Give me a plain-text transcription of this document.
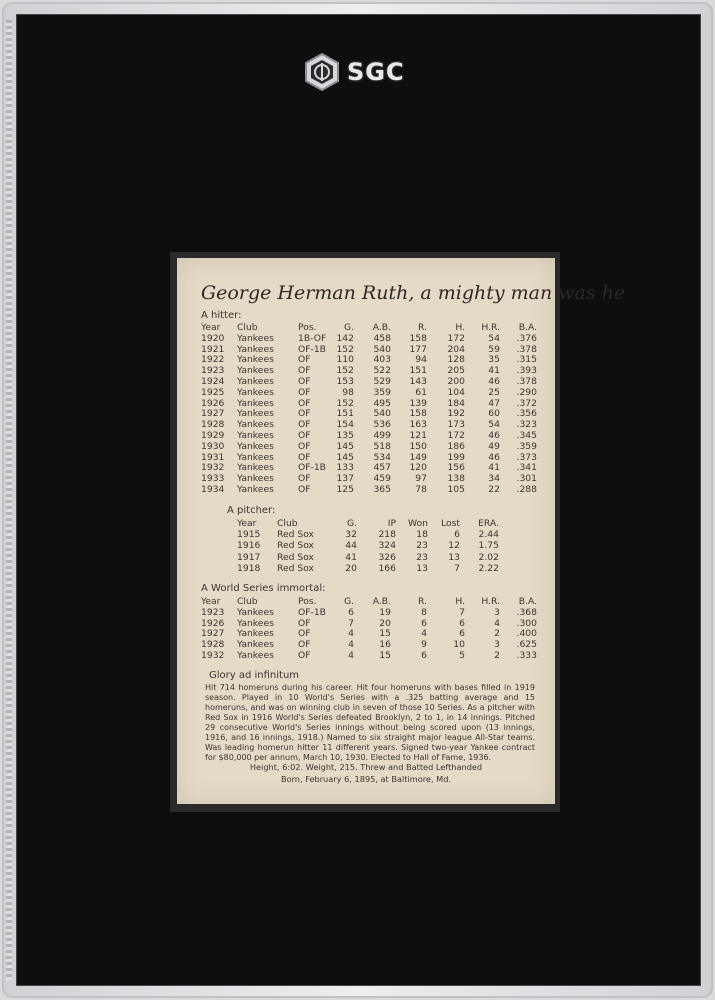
SGC
George Herman Ruth, a mighty man was he
A hitter:
Year Club	Pos.	G. A.B.	R.	H. H.R. B.A.
1920 Yankees	1B-OF 142 458 158 172	54 .376
1921 Yankees	OF-1B 152 540 177 204	59 .378
1922 Yankees	OF	110 403	94 128	35 .315
1923 Yankees	OF	152 522 151 205	41 .393
1924 Yankees	OF	153 529 143 200	46 .378
1925 Yankees	OF	98 359	61 104	25 .290
1926 Yankees	OF	152 495 139 184	47 .372
1927 Yankees	OF	151 540 158 192	60 .356
1928 Yankees	OF	154 536 163 173	54 .323
1929 Yankees	OF	135 499 121 172	46 .345
1930 Yankees	OF	145 518 150 186	49 .359
1931 Yankees	OF	145 534 149 199	46 .373
1932 Yankees	OF-1B 133 457 120 156	41 .341
1933 Yankees	OF	137 459	97 138	34 .301
1934 Yankees	OF	125 365	78 105	22 .288
A pitcher:
Year Club	G.	IP Won Lost ERA.
1915 Red Sox	32 218 18	6 2.44
1916 Red Sox	44 324 23 12 1.75
1917 Red Sox	41 326 23 13 2.02
1918 Red Sox	20 166 13	7 2.22
A World Series immortal:
Year Club	Pos.	G. A.B.	R.	H. H.R. B.A.
1923 Yankees	OF-1B 6	19	8	7	3 .368
1926 Yankees	OF	7	20	6	6	4 .300
1927 Yankees	OF	4	15	4	6	2 .400
1928 Yankees	OF	4	16	9	10	3 .625
1932 Yankees	OF	4	15	6	5	2 .333
Glory ad infinitum
Hit 714 homeruns during his career. Hit four homeruns with bases filled in 1919 season. Played in 10 World's Series with a .325 batting average and 15 homeruns, and was on winning club in seven of those 10 Series. As a pitcher with Red Sox in 1916 World's Series defeated Brooklyn, 2 to 1, in 14 innings. Pitched 29 consecutive World's Series innings without being scored upon (13 innings, 1916, and 16 innings, 1918.) Named to six straight major league All-Star teams. Was leading homerun hitter 11 different years. Signed two-year Yankee contract for $80,000 per annum, March 10, 1930. Elected to Hall of Fame, 1936.
Height, 6:02. Weight, 215. Threw and Batted Lefthanded
Born, February 6, 1895, at Baltimore, Md.
